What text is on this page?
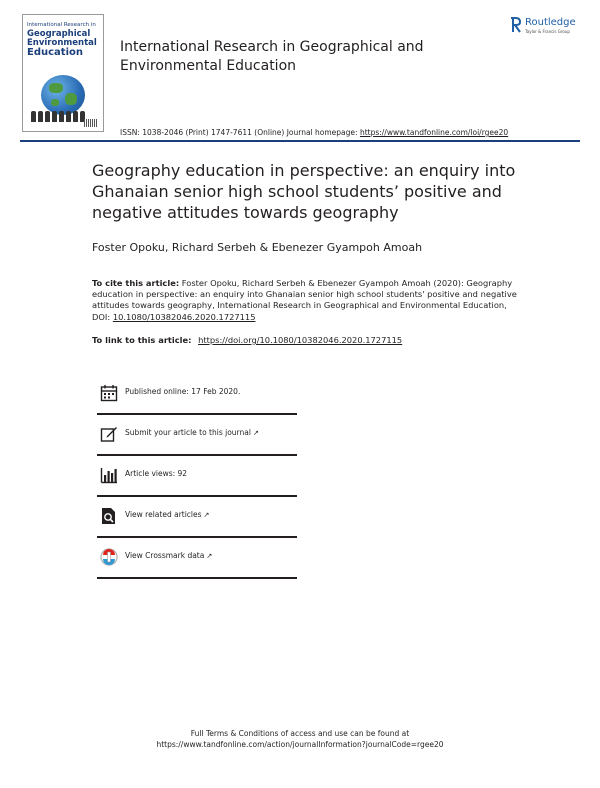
International Research in
Geographical
Environmental
Education	International Research in Geographical and Environmental Education
Routledge
Taylor & Francis Group
ISSN: 1038-2046 (Print) 1747-7611 (Online) Journal homepage: https://www.tandfonline.com/loi/rgee20
Geography education in perspective: an enquiry into Ghanaian senior high school students’ positive and negative attitudes towards geography
Foster Opoku, Richard Serbeh & Ebenezer Gyampoh Amoah
To cite this article: Foster Opoku, Richard Serbeh & Ebenezer Gyampoh Amoah (2020): Geography education in perspective: an enquiry into Ghanaian senior high school students' positive and negative attitudes towards geography, International Research in Geographical and Environmental Education, DOI: 10.1080/10382046.2020.1727115
To link to this article: https://doi.org/10.1080/10382046.2020.1727115
Published online: 17 Feb 2020.
Submit your article to this journal ↗
Article views: 92
View related articles ↗
View Crossmark data ↗
Full Terms & Conditions of access and use can be found at
https://www.tandfonline.com/action/journalInformation?journalCode=rgee20
